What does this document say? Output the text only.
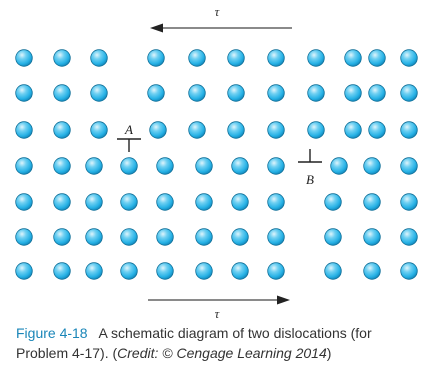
τ
τ
A
B
Figure 4-18 A schematic diagram of two dislocations (for Problem 4-17). (Credit: © Cengage Learning 2014)
